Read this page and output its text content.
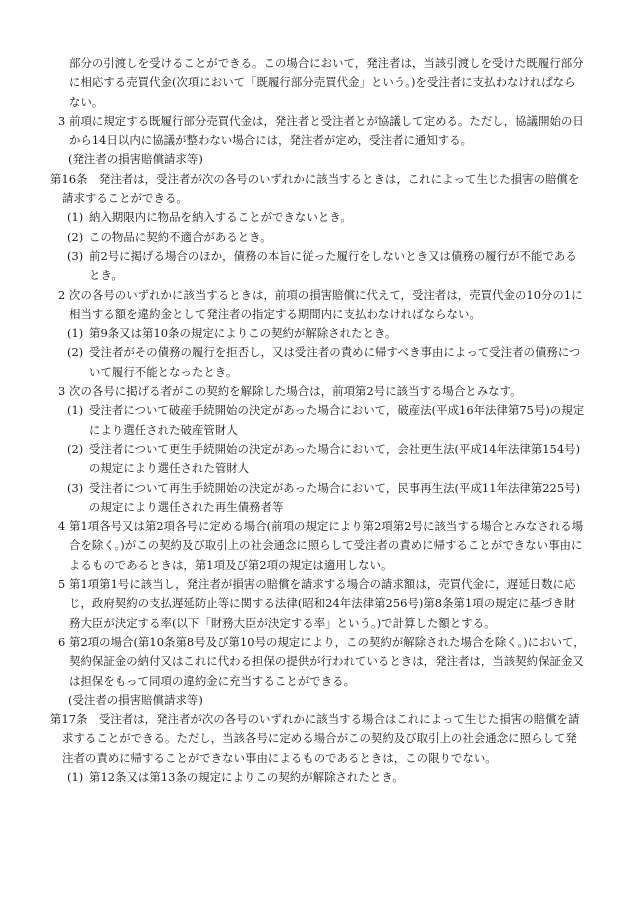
部分の引渡しを受けることができる。この場合において，発注者は，当該引渡しを受けた既履行部分に相応する売買代金(次項において「既履行部分売買代金」という。)を受注者に支払わなければならない。

3 前項に規定する既履行部分売買代金は，発注者と受注者とが協議して定める。ただし，協議開始の日から14日以内に協議が整わない場合には，発注者が定め，受注者に通知する。

(発注者の損害賠償請求等)

第16条　発注者は，受注者が次の各号のいずれかに該当するときは，これによって生じた損害の賠償を請求することができる。

(1) 納入期限内に物品を納入することができないとき。

(2) この物品に契約不適合があるとき。

(3) 前2号に掲げる場合のほか，債務の本旨に従った履行をしないとき又は債務の履行が不能であるとき。

2 次の各号のいずれかに該当するときは，前項の損害賠償に代えて，受注者は，売買代金の10分の1に相当する額を違約金として発注者の指定する期間内に支払わなければならない。

(1) 第9条又は第10条の規定によりこの契約が解除されたとき。

(2) 受注者がその債務の履行を拒否し，又は受注者の責めに帰すべき事由によって受注者の債務について履行不能となったとき。

3 次の各号に掲げる者がこの契約を解除した場合は，前項第2号に該当する場合とみなす。

(1) 受注者について破産手続開始の決定があった場合において，破産法(平成16年法律第75号)の規定により選任された破産管財人

(2) 受注者について更生手続開始の決定があった場合において，会社更生法(平成14年法律第154号)の規定により選任された管財人

(3) 受注者について再生手続開始の決定があった場合において，民事再生法(平成11年法律第225号)の規定により選任された再生債務者等

4 第1項各号又は第2項各号に定める場合(前項の規定により第2項第2号に該当する場合とみなされる場合を除く。)がこの契約及び取引上の社会通念に照らして受注者の責めに帰することができない事由によるものであるときは，第1項及び第2項の規定は適用しない。

5 第1項第1号に該当し，発注者が損害の賠償を請求する場合の請求額は，売買代金に，遅延日数に応じ，政府契約の支払遅延防止等に関する法律(昭和24年法律第256号)第8条第1項の規定に基づき財務大臣が決定する率(以下「財務大臣が決定する率」という。)で計算した額とする。

6 第2項の場合(第10条第8号及び第10号の規定により，この契約が解除された場合を除く。)において，契約保証金の納付又はこれに代わる担保の提供が行われているときは，発注者は，当該契約保証金又は担保をもって同項の違約金に充当することができる。

(受注者の損害賠償請求等)

第17条　受注者は，発注者が次の各号のいずれかに該当する場合はこれによって生じた損害の賠償を請求することができる。ただし，当該各号に定める場合がこの契約及び取引上の社会通念に照らして発注者の責めに帰することができない事由によるものであるときは，この限りでない。

(1) 第12条又は第13条の規定によりこの契約が解除されたとき。
